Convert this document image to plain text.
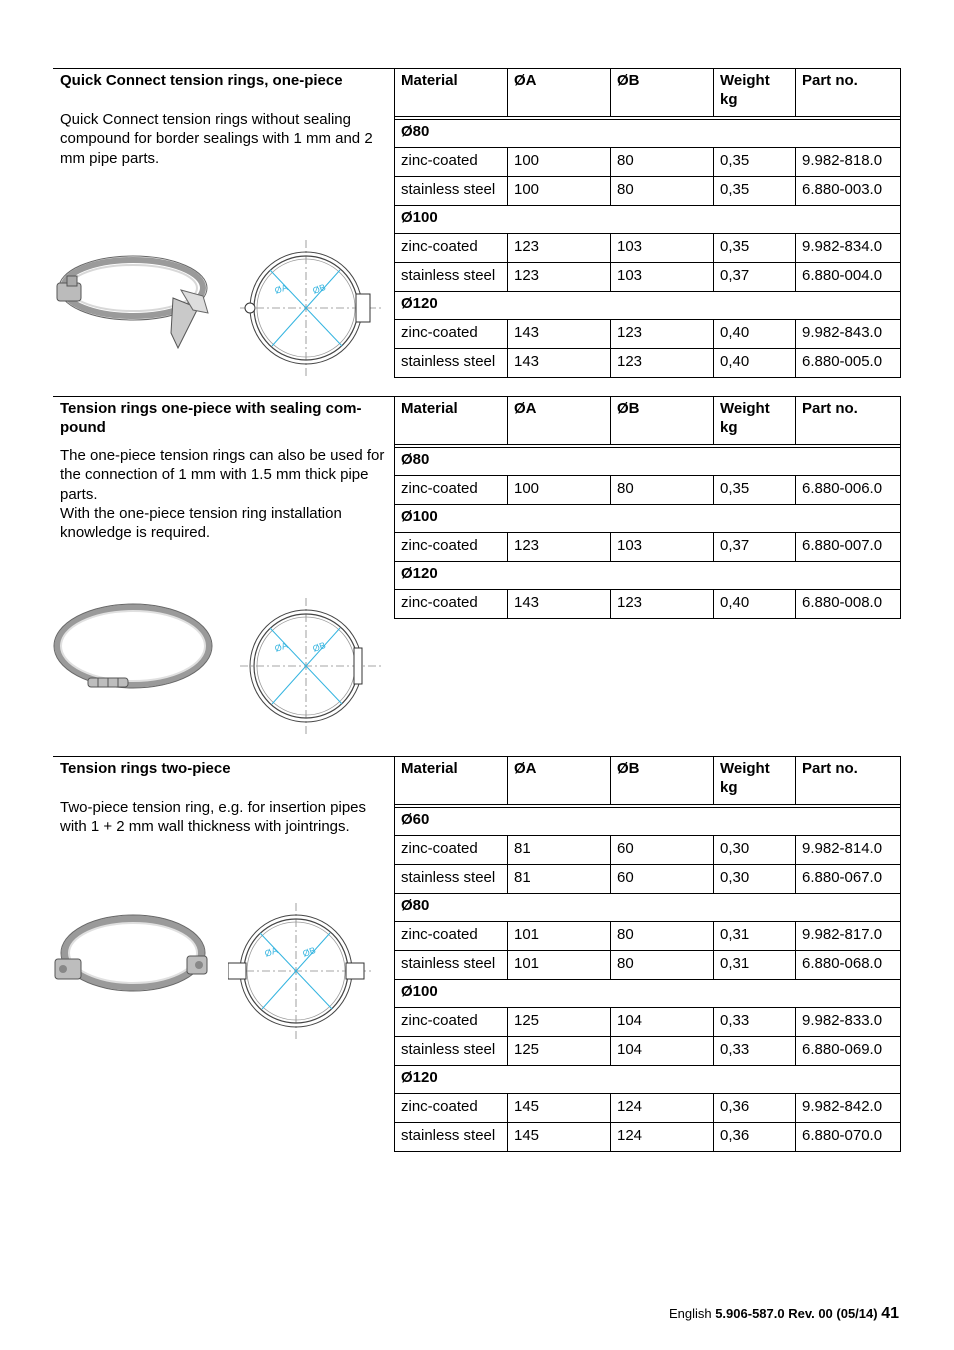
Quick Connect tension rings, one-piece

Quick Connect tension rings without sealing compound for border sealings with 1 mm and 2 mm pipe parts.

ØA ØB
Material	ØA	ØB	Weight kg	Part no.

Ø80				
zinc-coated	100	80	0,35	9.982-818.0
stainless steel	100	80	0,35	6.880-003.0
Ø100				
zinc-coated	123	103	0,35	9.982-834.0
stainless steel	123	103	0,37	6.880-004.0
Ø120				
zinc-coated	143	123	0,40	9.982-843.0
stainless steel	143	123	0,40	6.880-005.0
Tension rings one-piece with sealing com-pound

The one-piece tension rings can also be used for the connection of 1 mm with 1.5 mm thick pipe parts.

With the one-piece tension ring installation knowledge is required.

ØA ØB
Material	ØA	ØB	Weight kg	Part no.

Ø80				
zinc-coated	100	80	0,35	6.880-006.0
Ø100				
zinc-coated	123	103	0,37	6.880-007.0
Ø120				
zinc-coated	143	123	0,40	6.880-008.0
Tension rings two-piece

Two-piece tension ring, e.g. for insertion pipes with 1 + 2 mm wall thickness with jointrings.

ØA ØB
Material	ØA	ØB	Weight kg	Part no.

Ø60				
zinc-coated	81	60	0,30	9.982-814.0
stainless steel	81	60	0,30	6.880-067.0
Ø80				
zinc-coated	101	80	0,31	9.982-817.0
stainless steel	101	80	0,31	6.880-068.0
Ø100				
zinc-coated	125	104	0,33	9.982-833.0
stainless steel	125	104	0,33	6.880-069.0
Ø120				
zinc-coated	145	124	0,36	9.982-842.0
stainless steel	145	124	0,36	6.880-070.0
English 5.906-587.0 Rev. 00 (05/14) 41
